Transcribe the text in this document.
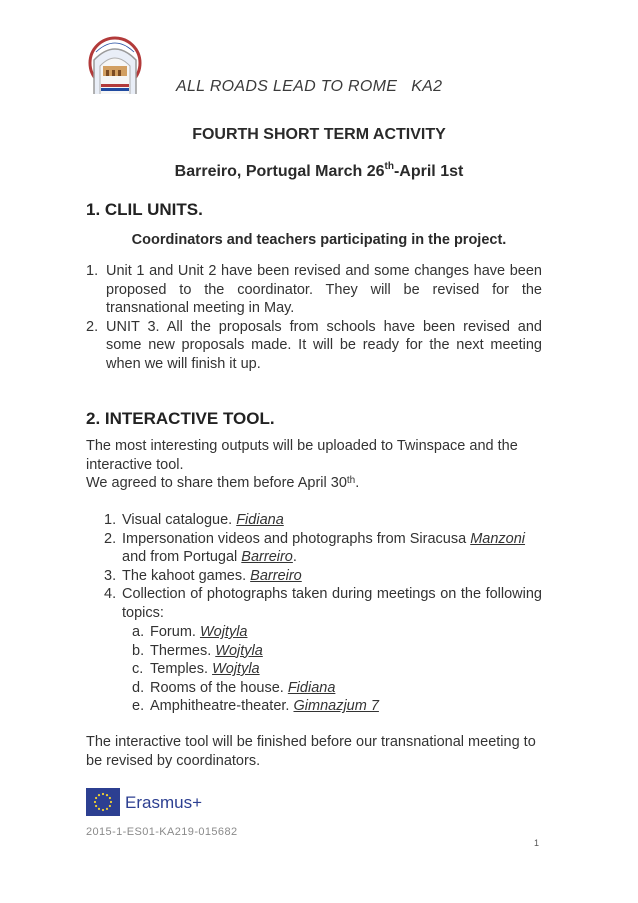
ALL ROADS LEAD TO ROME KA2
FOURTH SHORT TERM ACTIVITY
Barreiro, Portugal March 26th-April 1st
1. CLIL UNITS.
Coordinators and teachers participating in the project.
1. Unit 1 and Unit 2 have been revised and some changes have been proposed to the coordinator. They will be revised for the transnational meeting in May.
2. UNIT 3. All the proposals from schools have been revised and some new proposals made. It will be ready for the next meeting when we will finish it up.
2. INTERACTIVE TOOL.
The most interesting outputs will be uploaded to Twinspace and the interactive tool.
We agreed to share them before April 30th.
1. Visual catalogue. Fidiana
2. Impersonation videos and photographs from Siracusa Manzoni
and from Portugal Barreiro.
3. The kahoot games. Barreiro
4. Collection of photographs taken during meetings on the following topics:
a. Forum. Wojtyla
b. Thermes. Wojtyla
c. Temples. Wojtyla
d. Rooms of the house. Fidiana
e. Amphitheatre-theater. Gimnazjum 7
The interactive tool will be finished before our transnational meeting to be revised by coordinators.
Erasmus+
2015-1-ES01-KA219-015682
1
